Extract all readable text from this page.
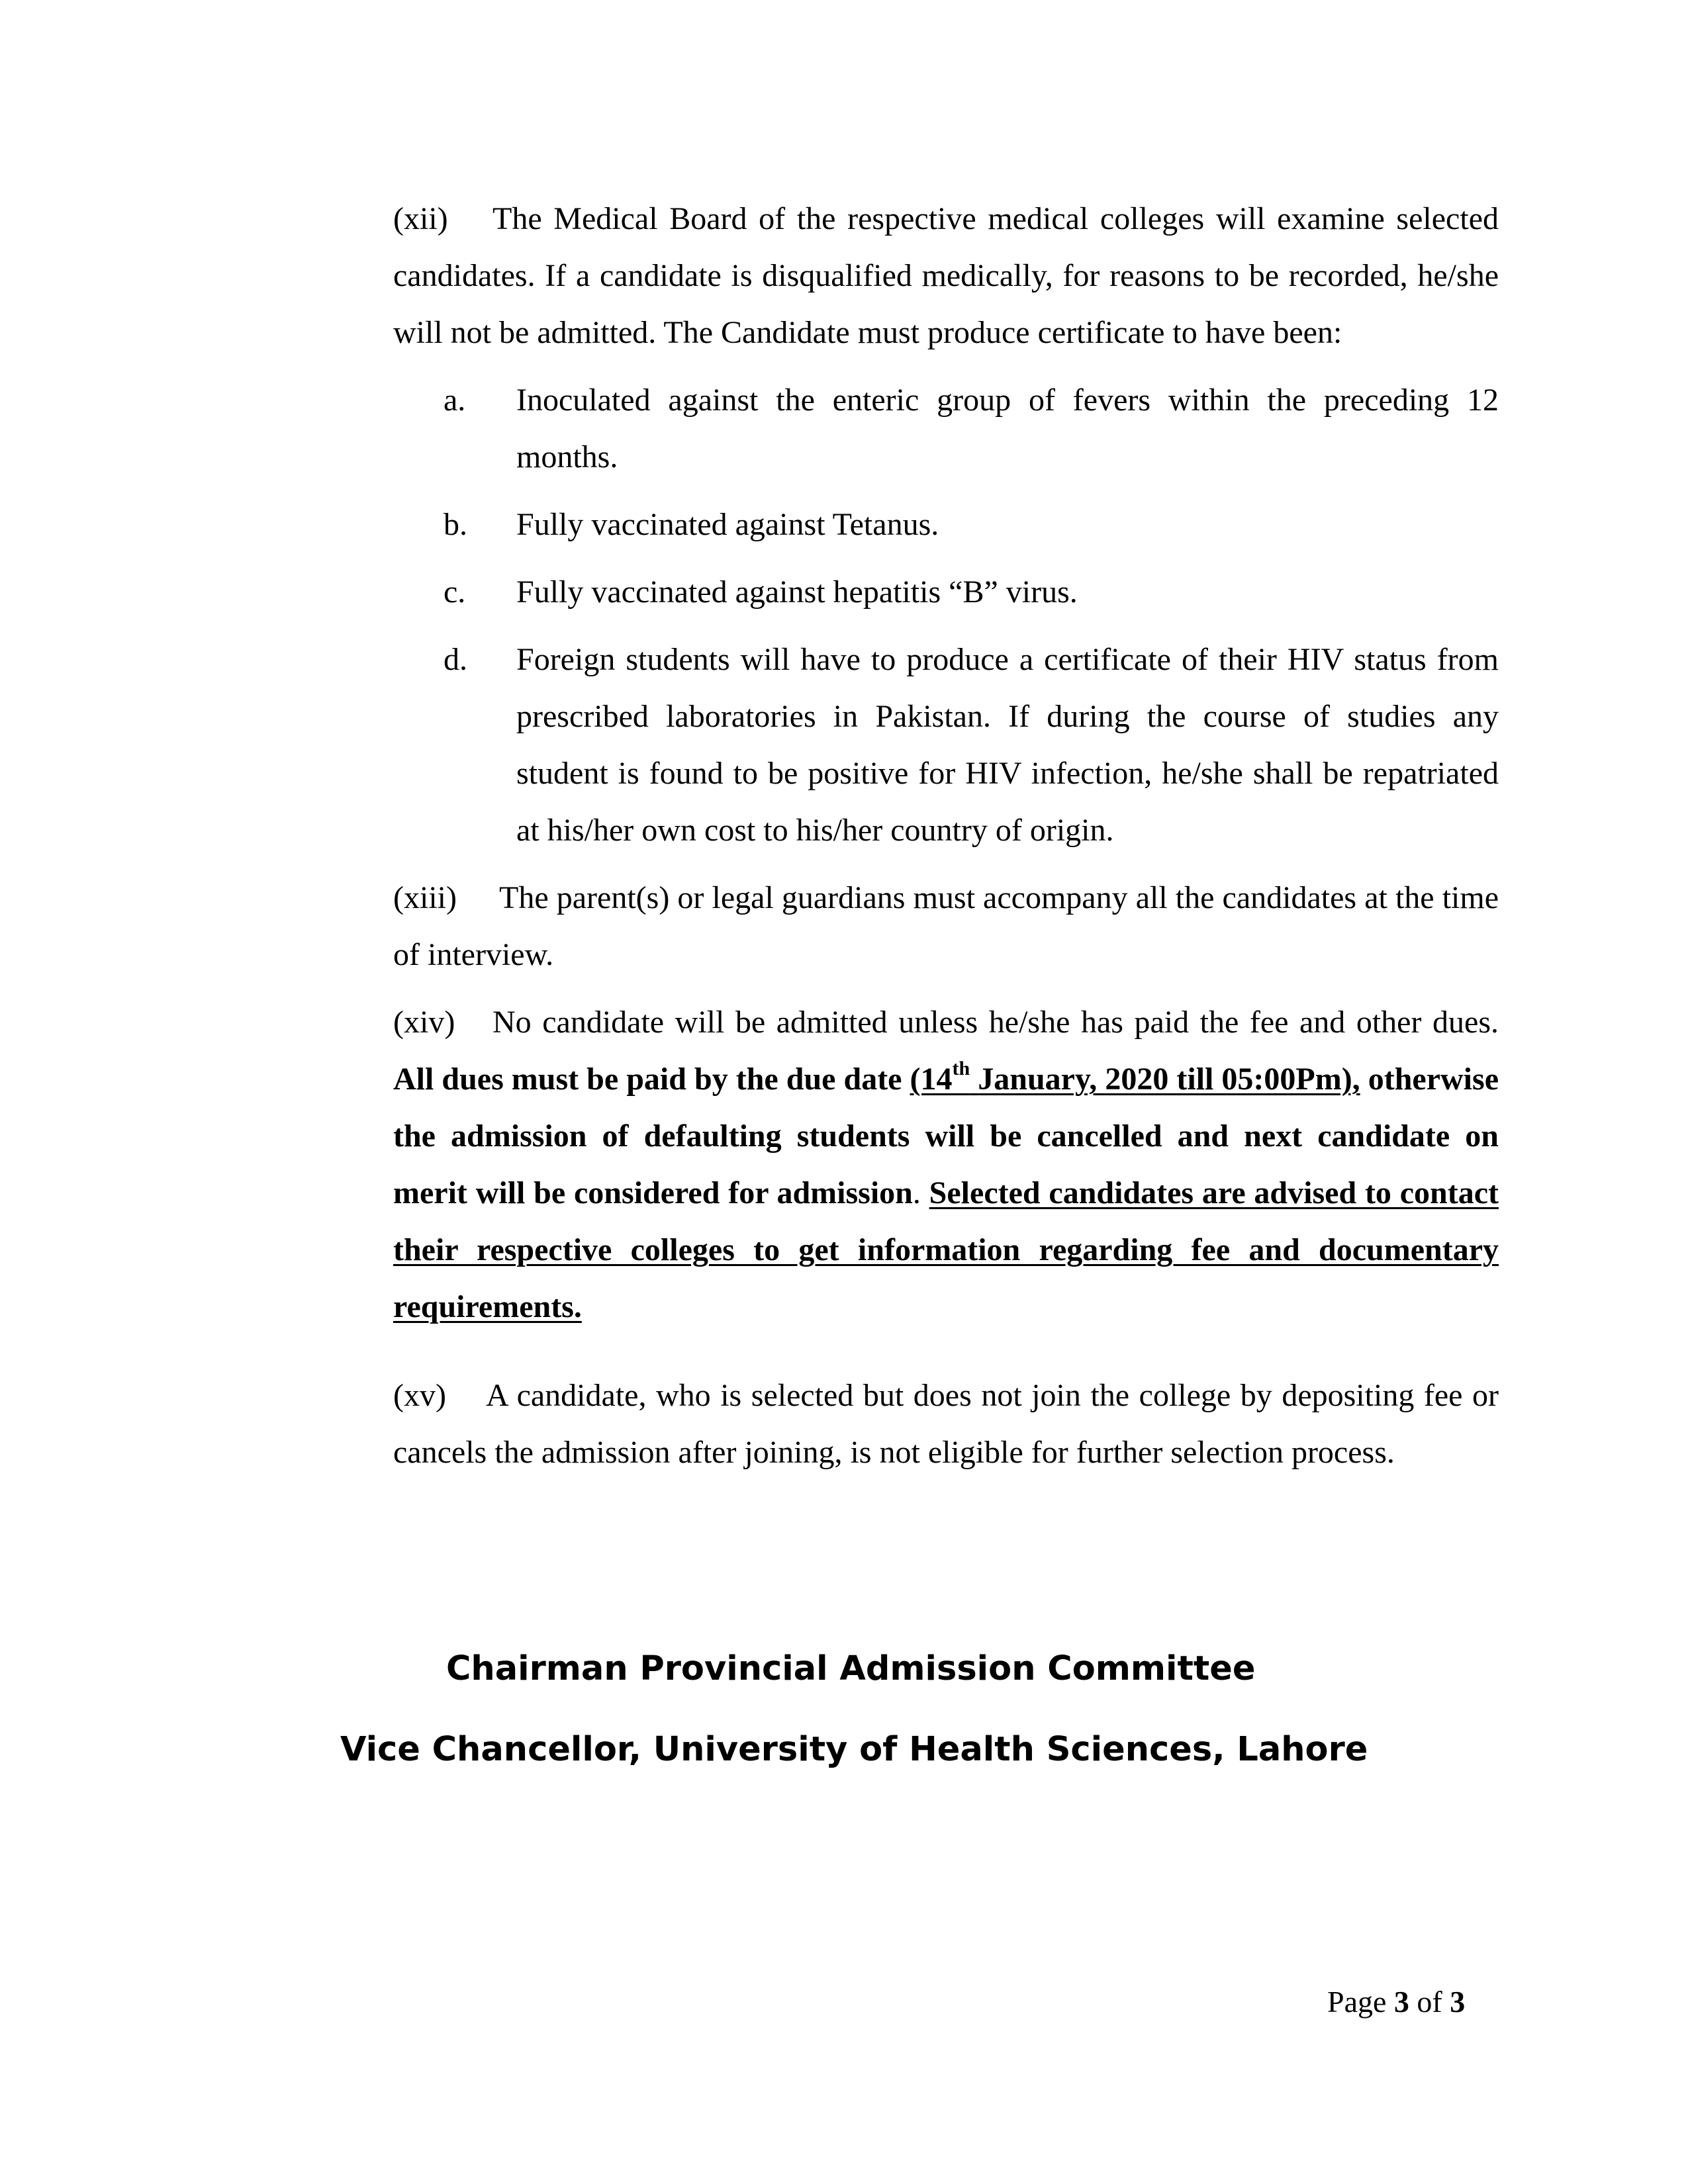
(xii) The Medical Board of the respective medical colleges will examine selected candidates. If a candidate is disqualified medically, for reasons to be recorded, he/she will not be admitted. The Candidate must produce certificate to have been:

a. Inoculated against the enteric group of fevers within the preceding 12 months.

b. Fully vaccinated against Tetanus.

c. Fully vaccinated against hepatitis “B” virus.

d. Foreign students will have to produce a certificate of their HIV status from prescribed laboratories in Pakistan. If during the course of studies any student is found to be positive for HIV infection, he/she shall be repatriated at his/her own cost to his/her country of origin.

(xiii) The parent(s) or legal guardians must accompany all the candidates at the time of interview.

(xiv) No candidate will be admitted unless he/she has paid the fee and other dues. All dues must be paid by the due date (14th January, 2020 till 05:00Pm), otherwise the admission of defaulting students will be cancelled and next candidate on merit will be considered for admission. Selected candidates are advised to contact their respective colleges to get information regarding fee and documentary requirements.

(xv) A candidate, who is selected but does not join the college by depositing fee or cancels the admission after joining, is not eligible for further selection process.

Chairman Provincial Admission Committee
Vice Chancellor, University of Health Sciences, Lahore
Page 3 of 3
